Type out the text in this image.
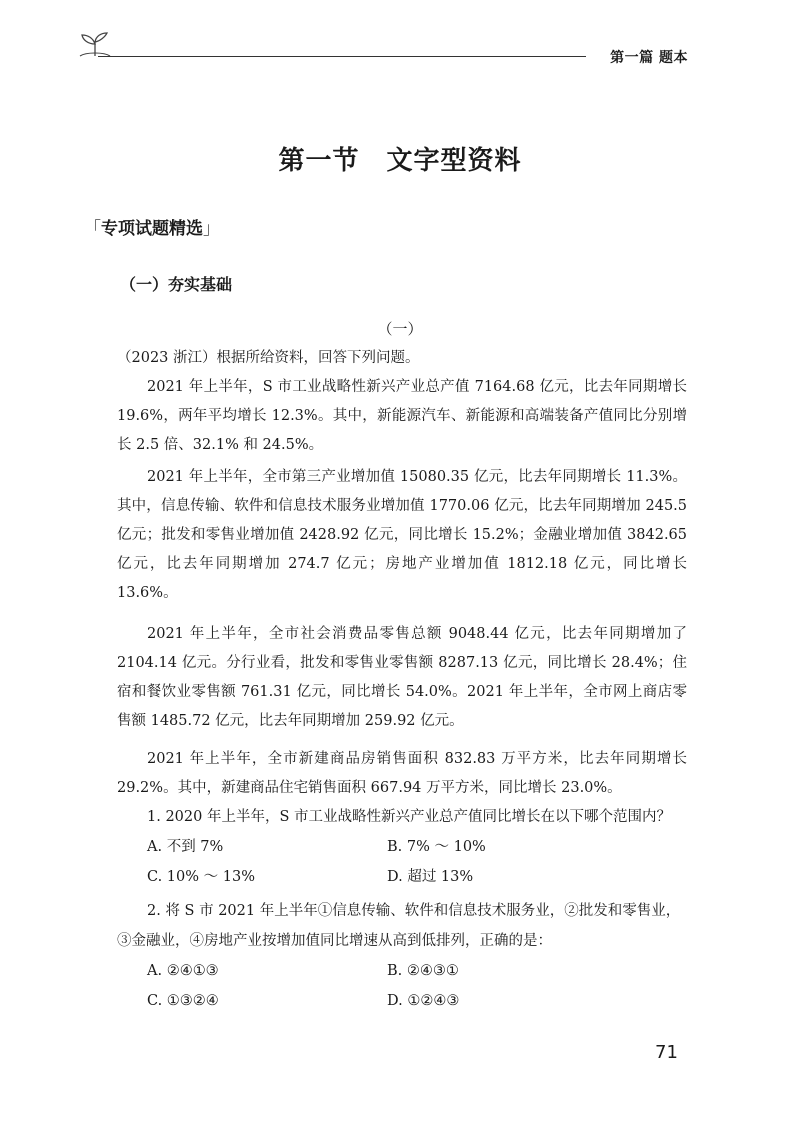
第一篇 题本
第一节　文字型资料
「专项试题精选」
（一）夯实基础
（一）

（2023 浙江）根据所给资料，回答下列问题。

2021 年上半年，S 市工业战略性新兴产业总产值 7164.68 亿元，比去年同期增长 19.6%，两年平均增长 12.3%。其中，新能源汽车、新能源和高端装备产值同比分别增长 2.5 倍、32.1% 和 24.5%。

2021 年上半年，全市第三产业增加值 15080.35 亿元，比去年同期增长 11.3%。其中，信息传输、软件和信息技术服务业增加值 1770.06 亿元，比去年同期增加 245.5 亿元；批发和零售业增加值 2428.92 亿元，同比增长 15.2%；金融业增加值 3842.65 亿元，比去年同期增加 274.7 亿元；房地产业增加值 1812.18 亿元，同比增长 13.6%。

2021 年上半年，全市社会消费品零售总额 9048.44 亿元，比去年同期增加了 2104.14 亿元。分行业看，批发和零售业零售额 8287.13 亿元，同比增长 28.4%；住宿和餐饮业零售额 761.31 亿元，同比增长 54.0%。2021 年上半年，全市网上商店零售额 1485.72 亿元，比去年同期增加 259.92 亿元。

2021 年上半年，全市新建商品房销售面积 832.83 万平方米，比去年同期增长 29.2%。其中，新建商品住宅销售面积 667.94 万平方米，同比增长 23.0%。

1. 2020 年上半年，S 市工业战略性新兴产业总产值同比增长在以下哪个范围内？

A. 不到 7%	B. 7% ～ 10%
C. 10% ～ 13%	D. 超过 13%

2. 将 S 市 2021 年上半年①信息传输、软件和信息技术服务业，②批发和零售业，③金融业，④房地产业按增加值同比增速从高到低排列，正确的是：

A. ②④①③	B. ②④③①
C. ①③②④	D. ①②④③
71
